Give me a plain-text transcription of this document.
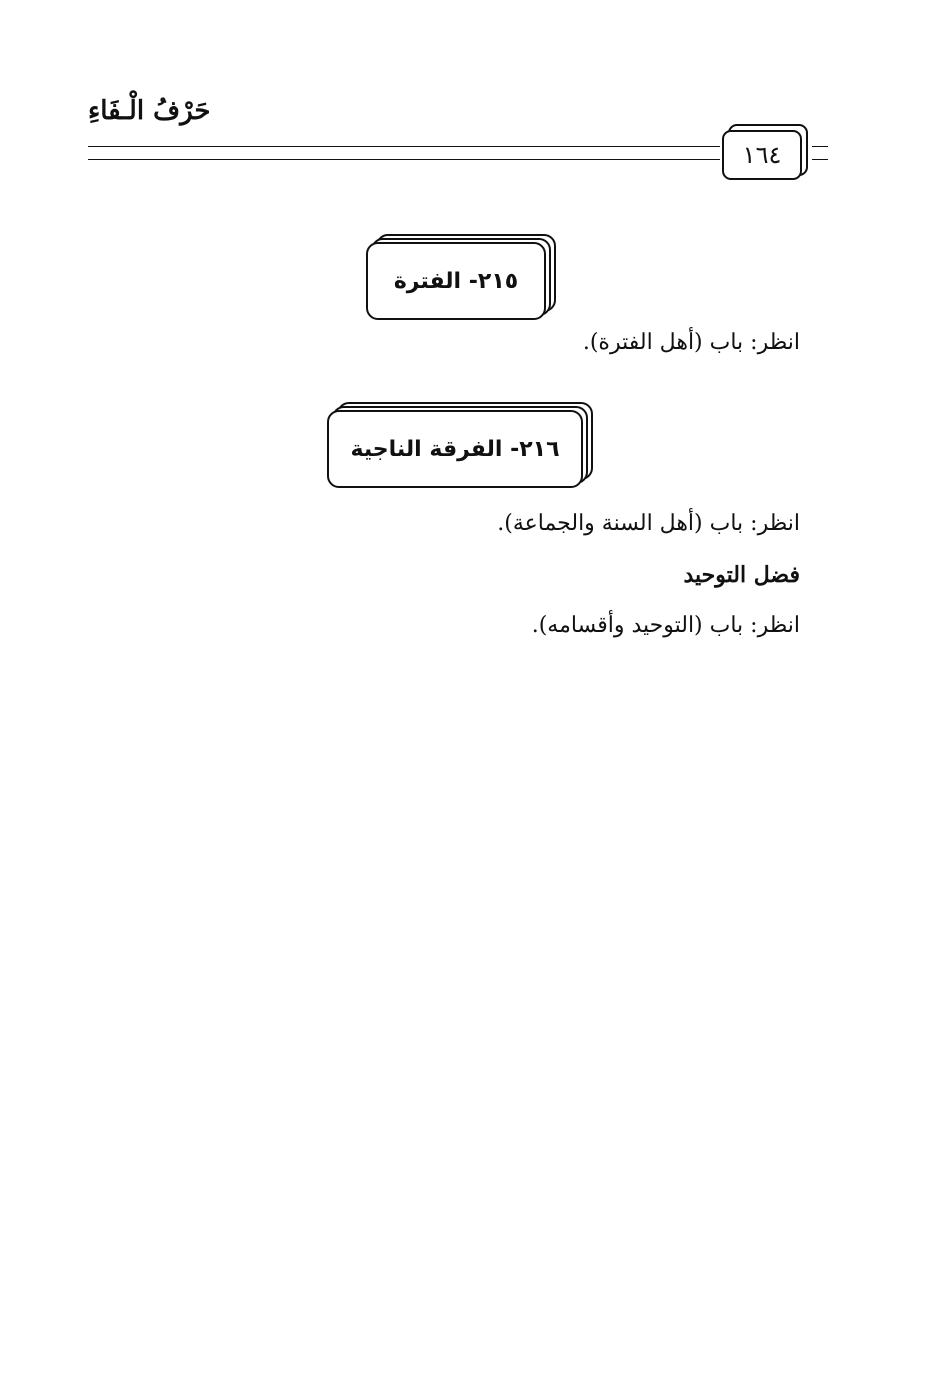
حَرْفُ الْـفَاءِ
١٦٤
٢١٥- الفترة
انظر: باب (أهل الفترة).
٢١٦- الفرقة الناجية
انظر: باب (أهل السنة والجماعة).
فضل التوحيد
انظر: باب (التوحيد وأقسامه).
